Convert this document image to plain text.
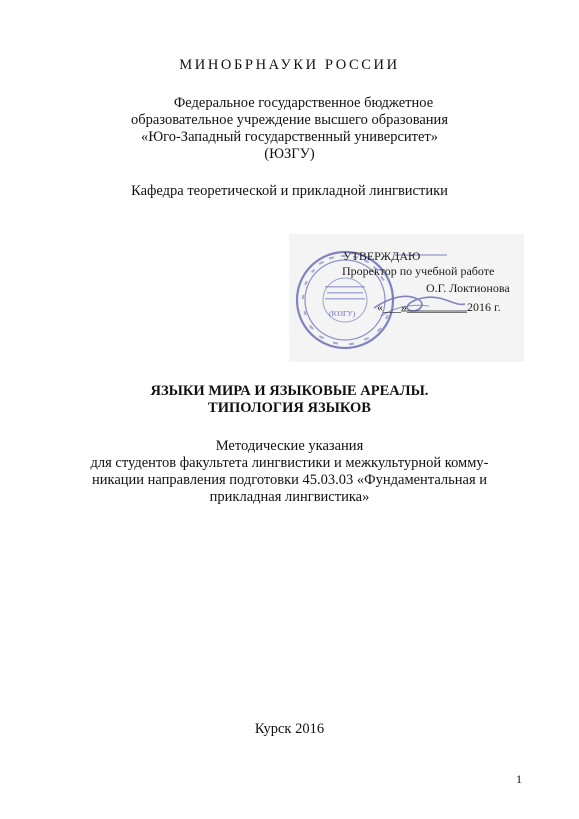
МИНОБРНАУКИ РОССИИ
Федеральное государственное бюджетное
образовательное учреждение высшего образования
«Юго-Западный государственный университет»
(ЮЗГУ)
Кафедра теоретической и прикладной лингвистики
УТВЕРЖДАЮ
Проректор по учебной работе
О.Г. Локтионова
«___»__________2016 г.
(ЮЗГУ)
ЯЗЫКИ МИРА И ЯЗЫКОВЫЕ АРЕАЛЫ.
ТИПОЛОГИЯ ЯЗЫКОВ
Методические указания
для студентов факультета лингвистики и межкультурной комму-
никации направления подготовки 45.03.03 «Фундаментальная и
прикладная лингвистика»
Курск 2016
1
